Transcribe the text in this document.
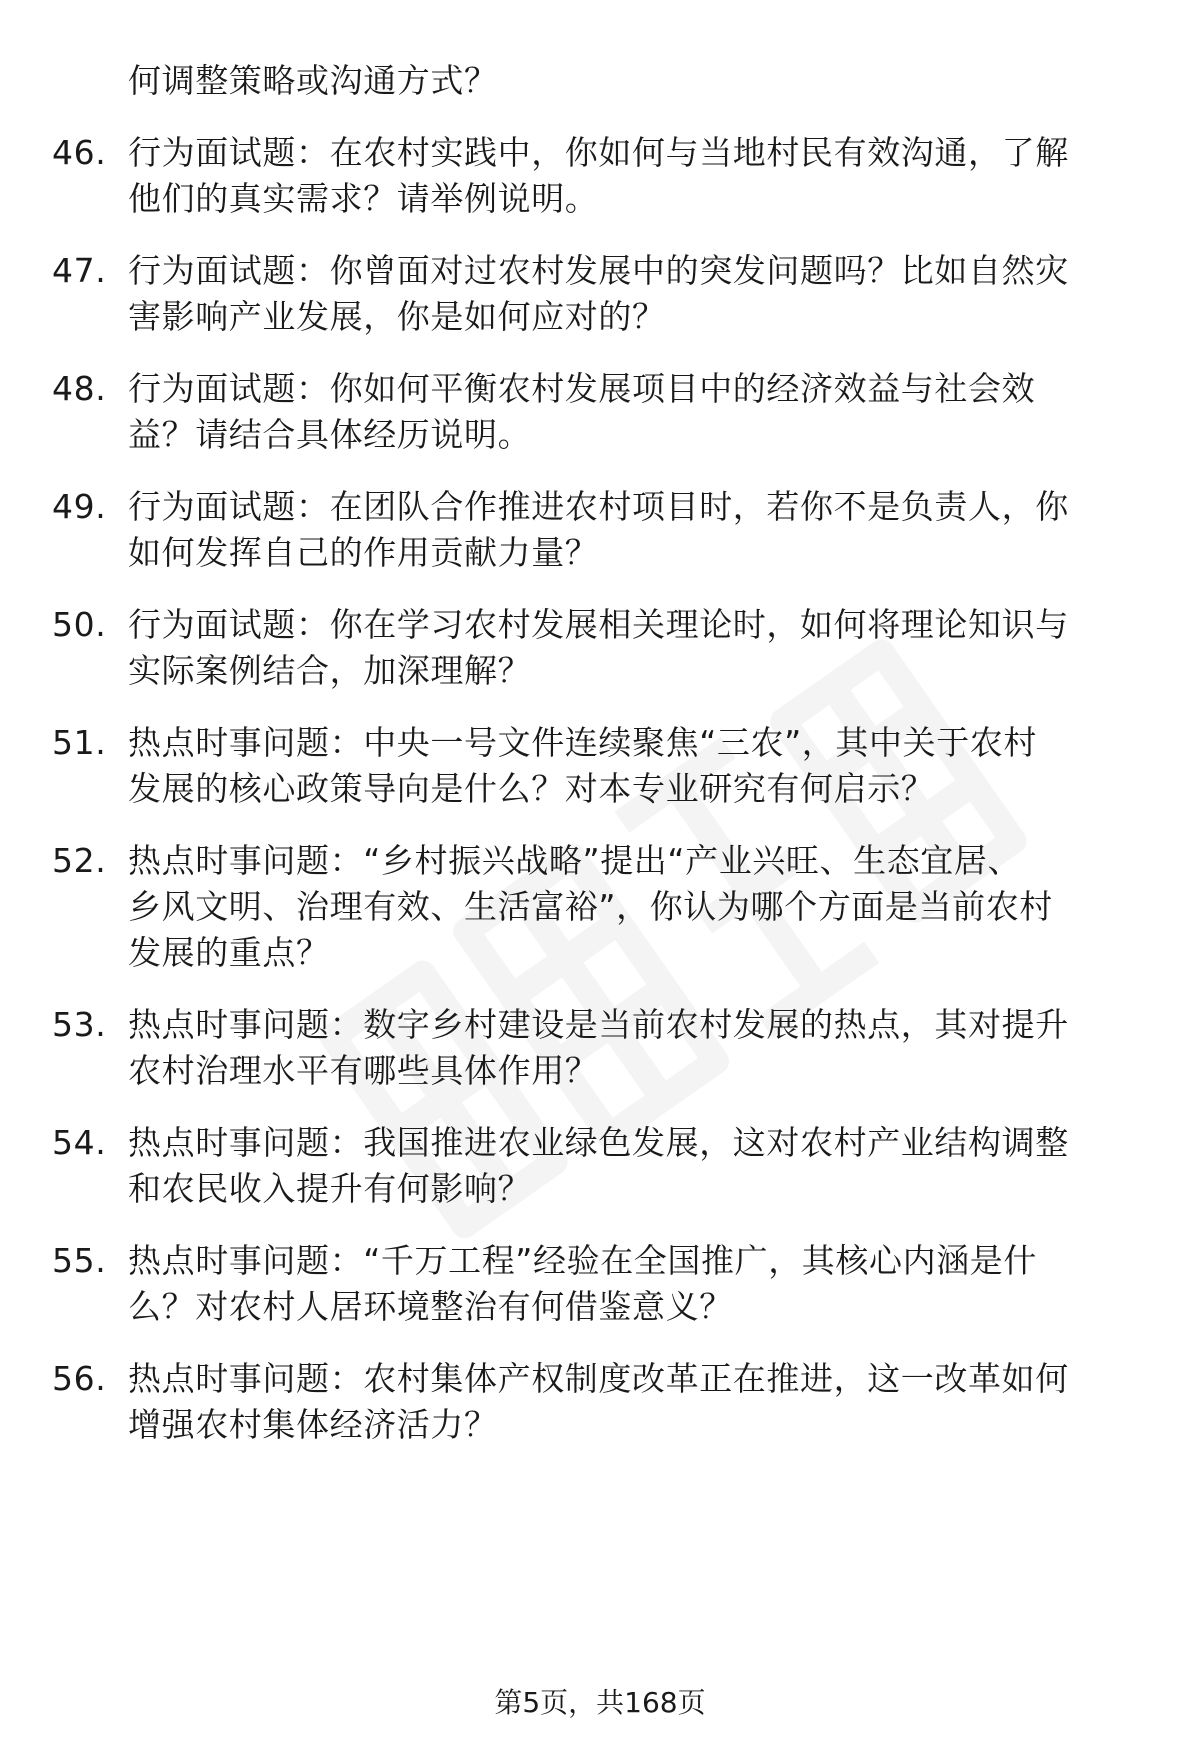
何调整策略或沟通方式？
46. 行为面试题：在农村实践中，你如何与当地村民有效沟通，了解
他们的真实需求？请举例说明。
47. 行为面试题：你曾面对过农村发展中的突发问题吗？比如自然灾
害影响产业发展，你是如何应对的？
48. 行为面试题：你如何平衡农村发展项目中的经济效益与社会效
益？请结合具体经历说明。
49. 行为面试题：在团队合作推进农村项目时，若你不是负责人，你
如何发挥自己的作用贡献力量？
50. 行为面试题：你在学习农村发展相关理论时，如何将理论知识与
实际案例结合，加深理解？
51. 热点时事问题：中央一号文件连续聚焦“三农”，其中关于农村
发展的核心政策导向是什么？对本专业研究有何启示？
52. 热点时事问题：“乡村振兴战略”提出“产业兴旺、生态宜居、
乡风文明、治理有效、生活富裕”，你认为哪个方面是当前农村
发展的重点？
53. 热点时事问题：数字乡村建设是当前农村发展的热点，其对提升
农村治理水平有哪些具体作用？
54. 热点时事问题：我国推进农业绿色发展，这对农村产业结构调整
和农民收入提升有何影响？
55. 热点时事问题：“千万工程”经验在全国推广，其核心内涵是什
么？对农村人居环境整治有何借鉴意义？
56. 热点时事问题：农村集体产权制度改革正在推进，这一改革如何
增强农村集体经济活力？
第5页，共168页
